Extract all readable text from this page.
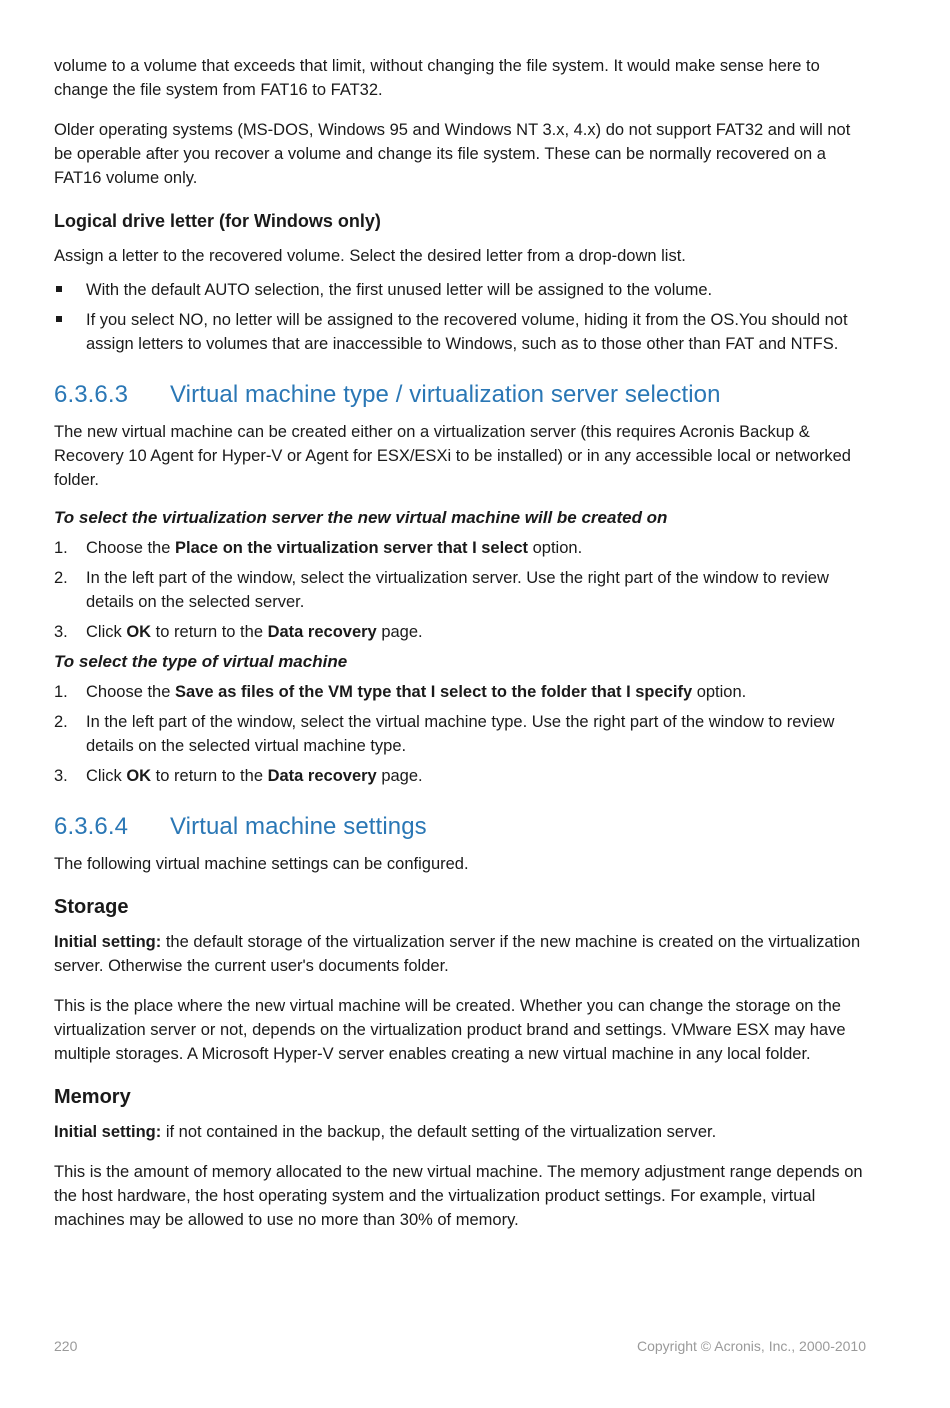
volume to a volume that exceeds that limit, without changing the file system. It would make sense here to change the file system from FAT16 to FAT32.

Older operating systems (MS-DOS, Windows 95 and Windows NT 3.x, 4.x) do not support FAT32 and will not be operable after you recover a volume and change its file system. These can be normally recovered on a FAT16 volume only.

Logical drive letter (for Windows only)

Assign a letter to the recovered volume. Select the desired letter from a drop-down list.

With the default AUTO selection, the first unused letter will be assigned to the volume.
If you select NO, no letter will be assigned to the recovered volume, hiding it from the OS.You should not assign letters to volumes that are inaccessible to Windows, such as to those other than FAT and NTFS.
6.3.6.3 Virtual machine type / virtualization server selection

The new virtual machine can be created either on a virtualization server (this requires Acronis Backup & Recovery 10 Agent for Hyper-V or Agent for ESX/ESXi to be installed) or in any accessible local or networked folder.

To select the virtualization server the new virtual machine will be created on
1. Choose the Place on the virtualization server that I select option.
2. In the left part of the window, select the virtualization server. Use the right part of the window to review details on the selected server.
3. Click OK to return to the Data recovery page.
To select the type of virtual machine
1. Choose the Save as files of the VM type that I select to the folder that I specify option.
2. In the left part of the window, select the virtual machine type. Use the right part of the window to review details on the selected virtual machine type.
3. Click OK to return to the Data recovery page.
6.3.6.4 Virtual machine settings

The following virtual machine settings can be configured.

Storage

Initial setting: the default storage of the virtualization server if the new machine is created on the virtualization server. Otherwise the current user's documents folder.

This is the place where the new virtual machine will be created. Whether you can change the storage on the virtualization server or not, depends on the virtualization product brand and settings. VMware ESX may have multiple storages. A Microsoft Hyper-V server enables creating a new virtual machine in any local folder.

Memory

Initial setting: if not contained in the backup, the default setting of the virtualization server.

This is the amount of memory allocated to the new virtual machine. The memory adjustment range depends on the host hardware, the host operating system and the virtualization product settings. For example, virtual machines may be allowed to use no more than 30% of memory.

220	Copyright © Acronis, Inc., 2000-2010
